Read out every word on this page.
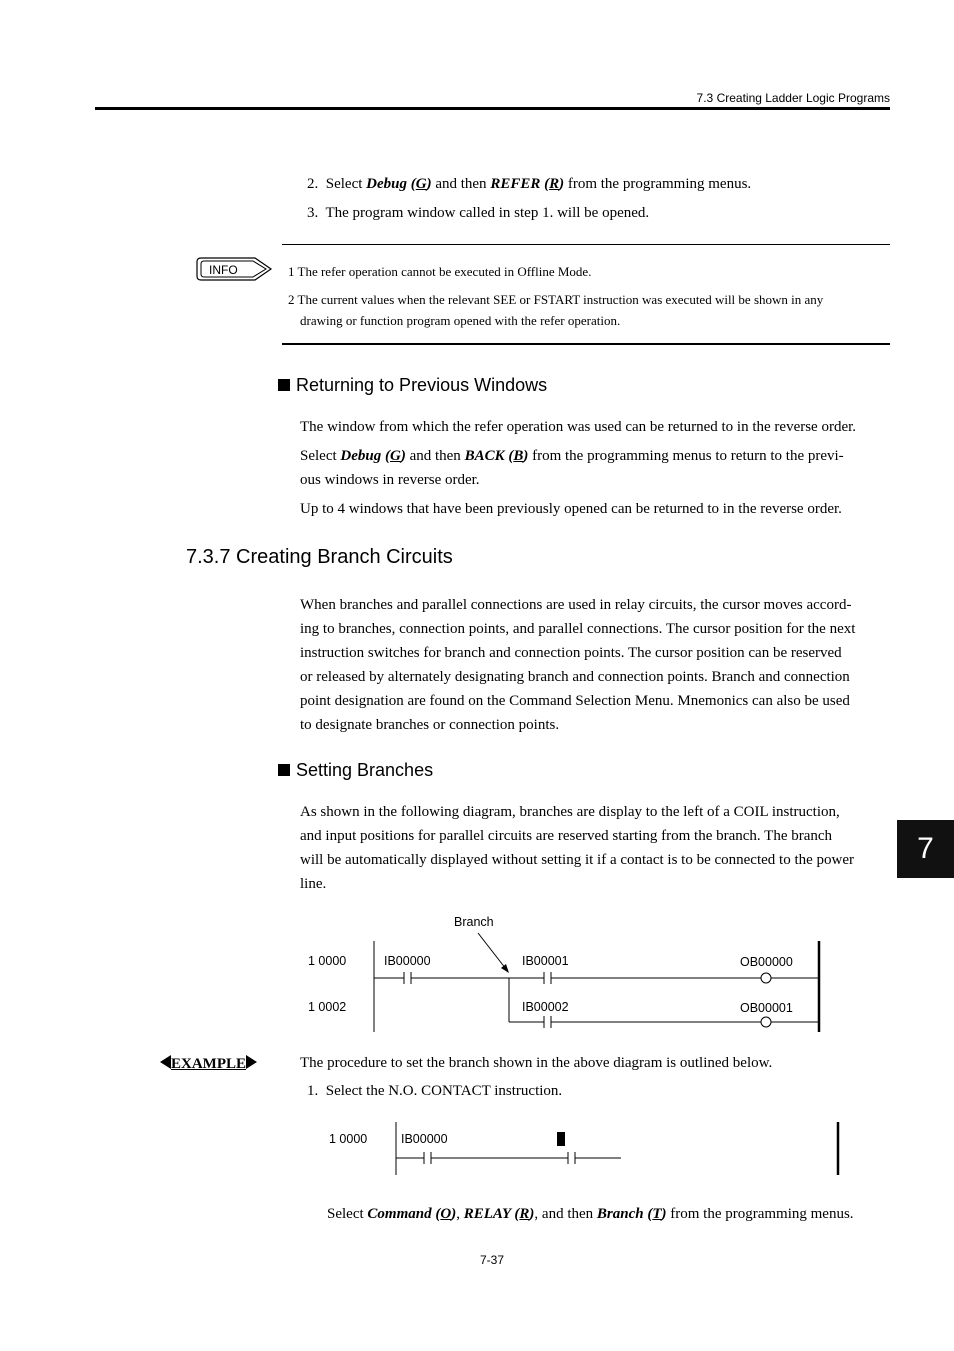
7.3 Creating Ladder Logic Programs
2. Select Debug (G) and then REFER (R) from the programming menus.
3. The program window called in step 1. will be opened.
INFO	1 The refer operation cannot be executed in Offline Mode.
2 The current values when the relevant SEE or FSTART instruction was executed will be shown in any
drawing or function program opened with the refer operation.
Returning to Previous Windows
The window from which the refer operation was used can be returned to in the reverse order.
Select Debug (G) and then BACK (B) from the programming menus to return to the previ-
ous windows in reverse order.
Up to 4 windows that have been previously opened can be returned to in the reverse order.
7.3.7 Creating Branch Circuits
When branches and parallel connections are used in relay circuits, the cursor moves accord-
ing to branches, connection points, and parallel connections. The cursor position for the next
instruction switches for branch and connection points. The cursor position can be reserved
or released by alternately designating branch and connection points. Branch and connection
point designation are found on the Command Selection Menu. Mnemonics can also be used
to designate branches or connection points.
Setting Branches
As shown in the following diagram, branches are display to the left of a COIL instruction,
and input positions for parallel circuits are reserved starting from the branch. The branch
will be automatically displayed without setting it if a contact is to be connected to the power
line.
7
Branch
1 0000
1 0002
IB00000	IB00001	OB00000
IB00002	OB00001
EXAMPLE	The procedure to set the branch shown in the above diagram is outlined below.
1. Select the N.O. CONTACT instruction.
1 0000	IB00000
Select Command (O), RELAY (R), and then Branch (T) from the programming menus.
7-37
